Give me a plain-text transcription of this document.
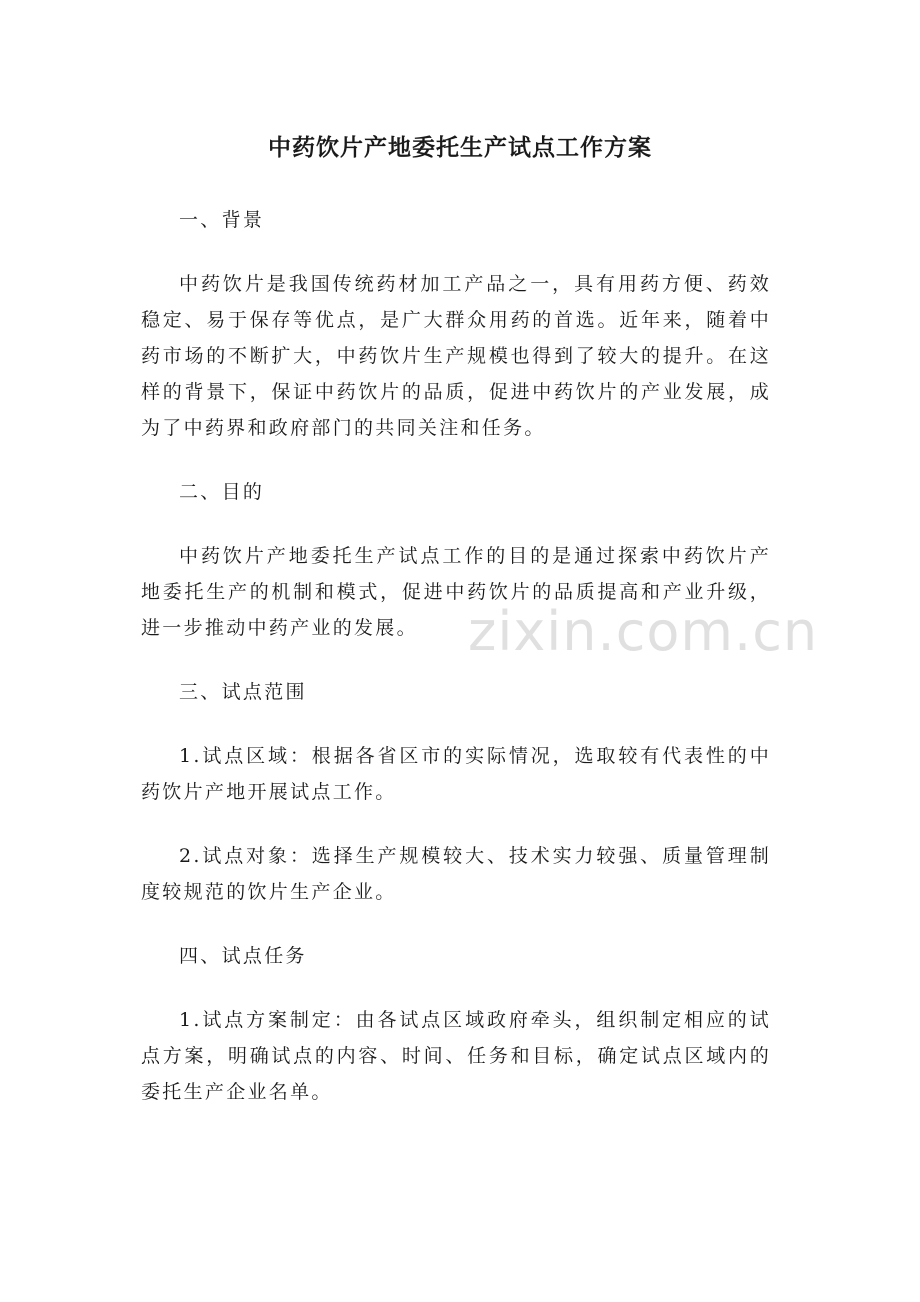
中药饮片产地委托生产试点工作方案

一、背景

中药饮片是我国传统药材加工产品之一，具有用药方便、药效稳定、易于保存等优点，是广大群众用药的首选。近年来，随着中药市场的不断扩大，中药饮片生产规模也得到了较大的提升。在这样的背景下，保证中药饮片的品质，促进中药饮片的产业发展，成为了中药界和政府部门的共同关注和任务。

二、目的

中药饮片产地委托生产试点工作的目的是通过探索中药饮片产地委托生产的机制和模式，促进中药饮片的品质提高和产业升级，进一步推动中药产业的发展。

三、试点范围

1.试点区域：根据各省区市的实际情况，选取较有代表性的中药饮片产地开展试点工作。

2.试点对象：选择生产规模较大、技术实力较强、质量管理制度较规范的饮片生产企业。

四、试点任务

1.试点方案制定：由各试点区域政府牵头，组织制定相应的试点方案，明确试点的内容、时间、任务和目标，确定试点区域内的委托生产企业名单。

zixin.com.cn
